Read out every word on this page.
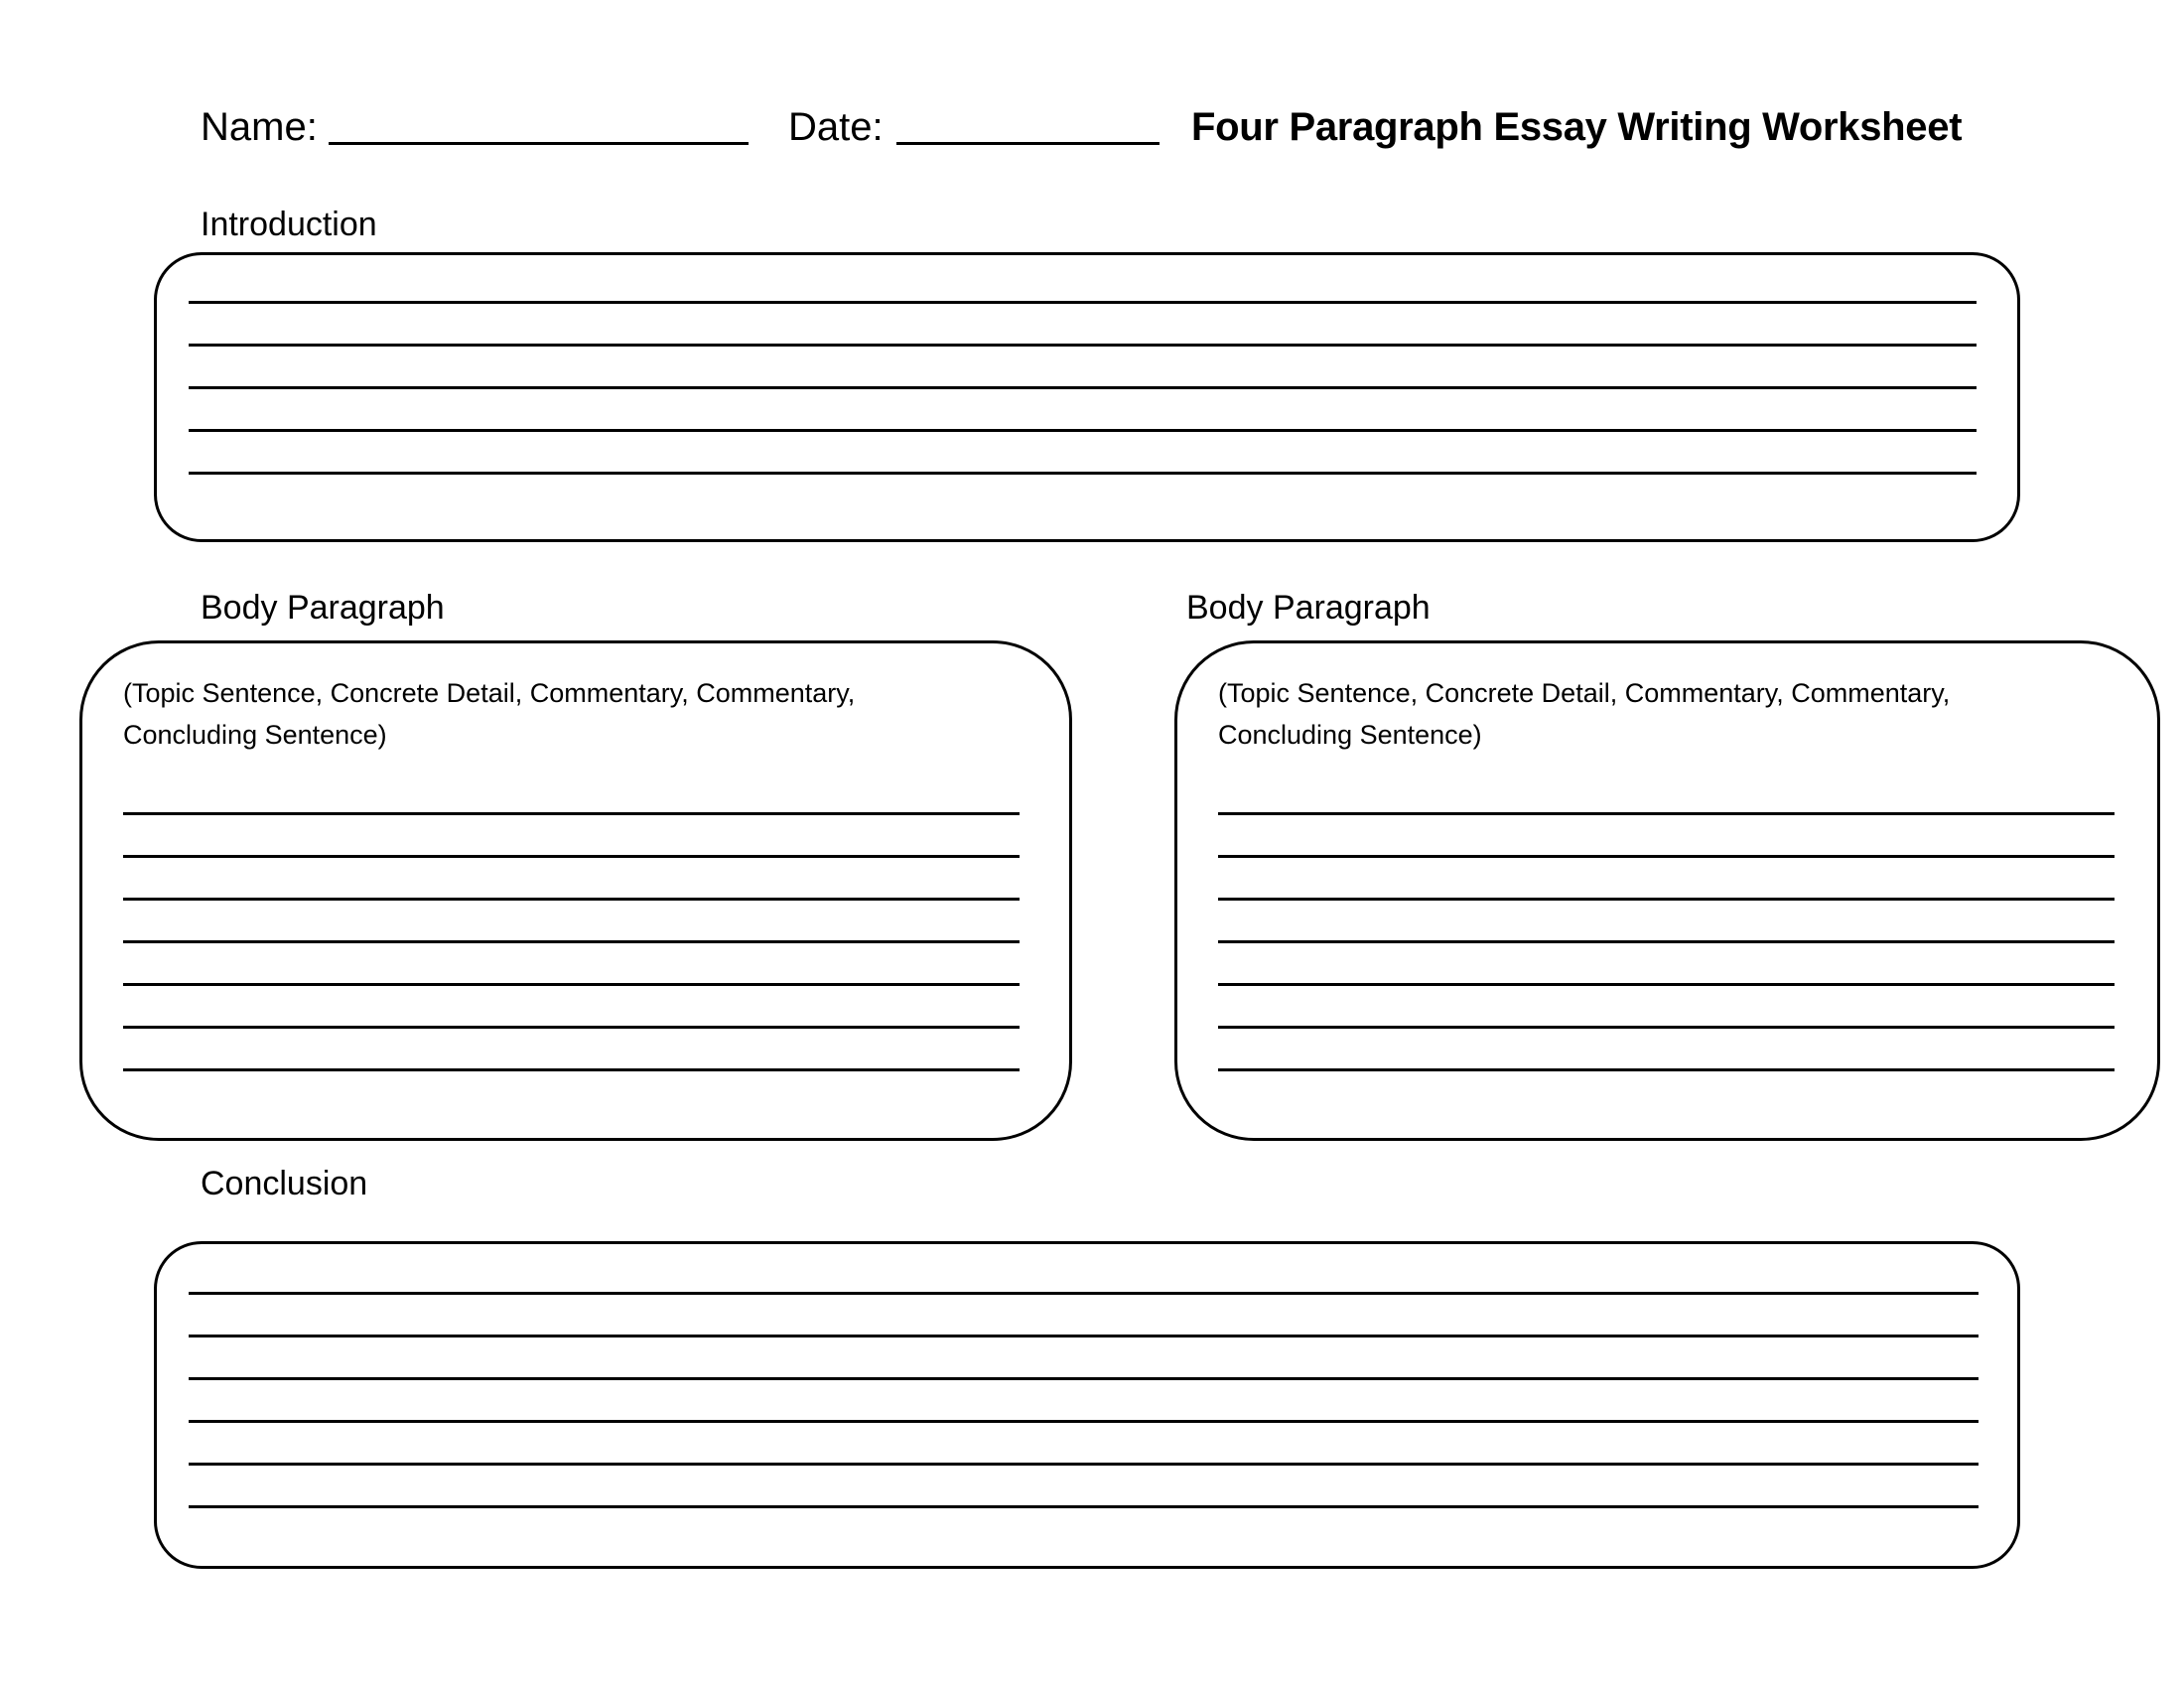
Name:	Date:	Four Paragraph Essay Writing Worksheet
Introduction
Body Paragraph
(Topic Sentence, Concrete Detail, Commentary, Commentary,
Concluding Sentence)
Body Paragraph
(Topic Sentence, Concrete Detail, Commentary, Commentary,
Concluding Sentence)
Conclusion
